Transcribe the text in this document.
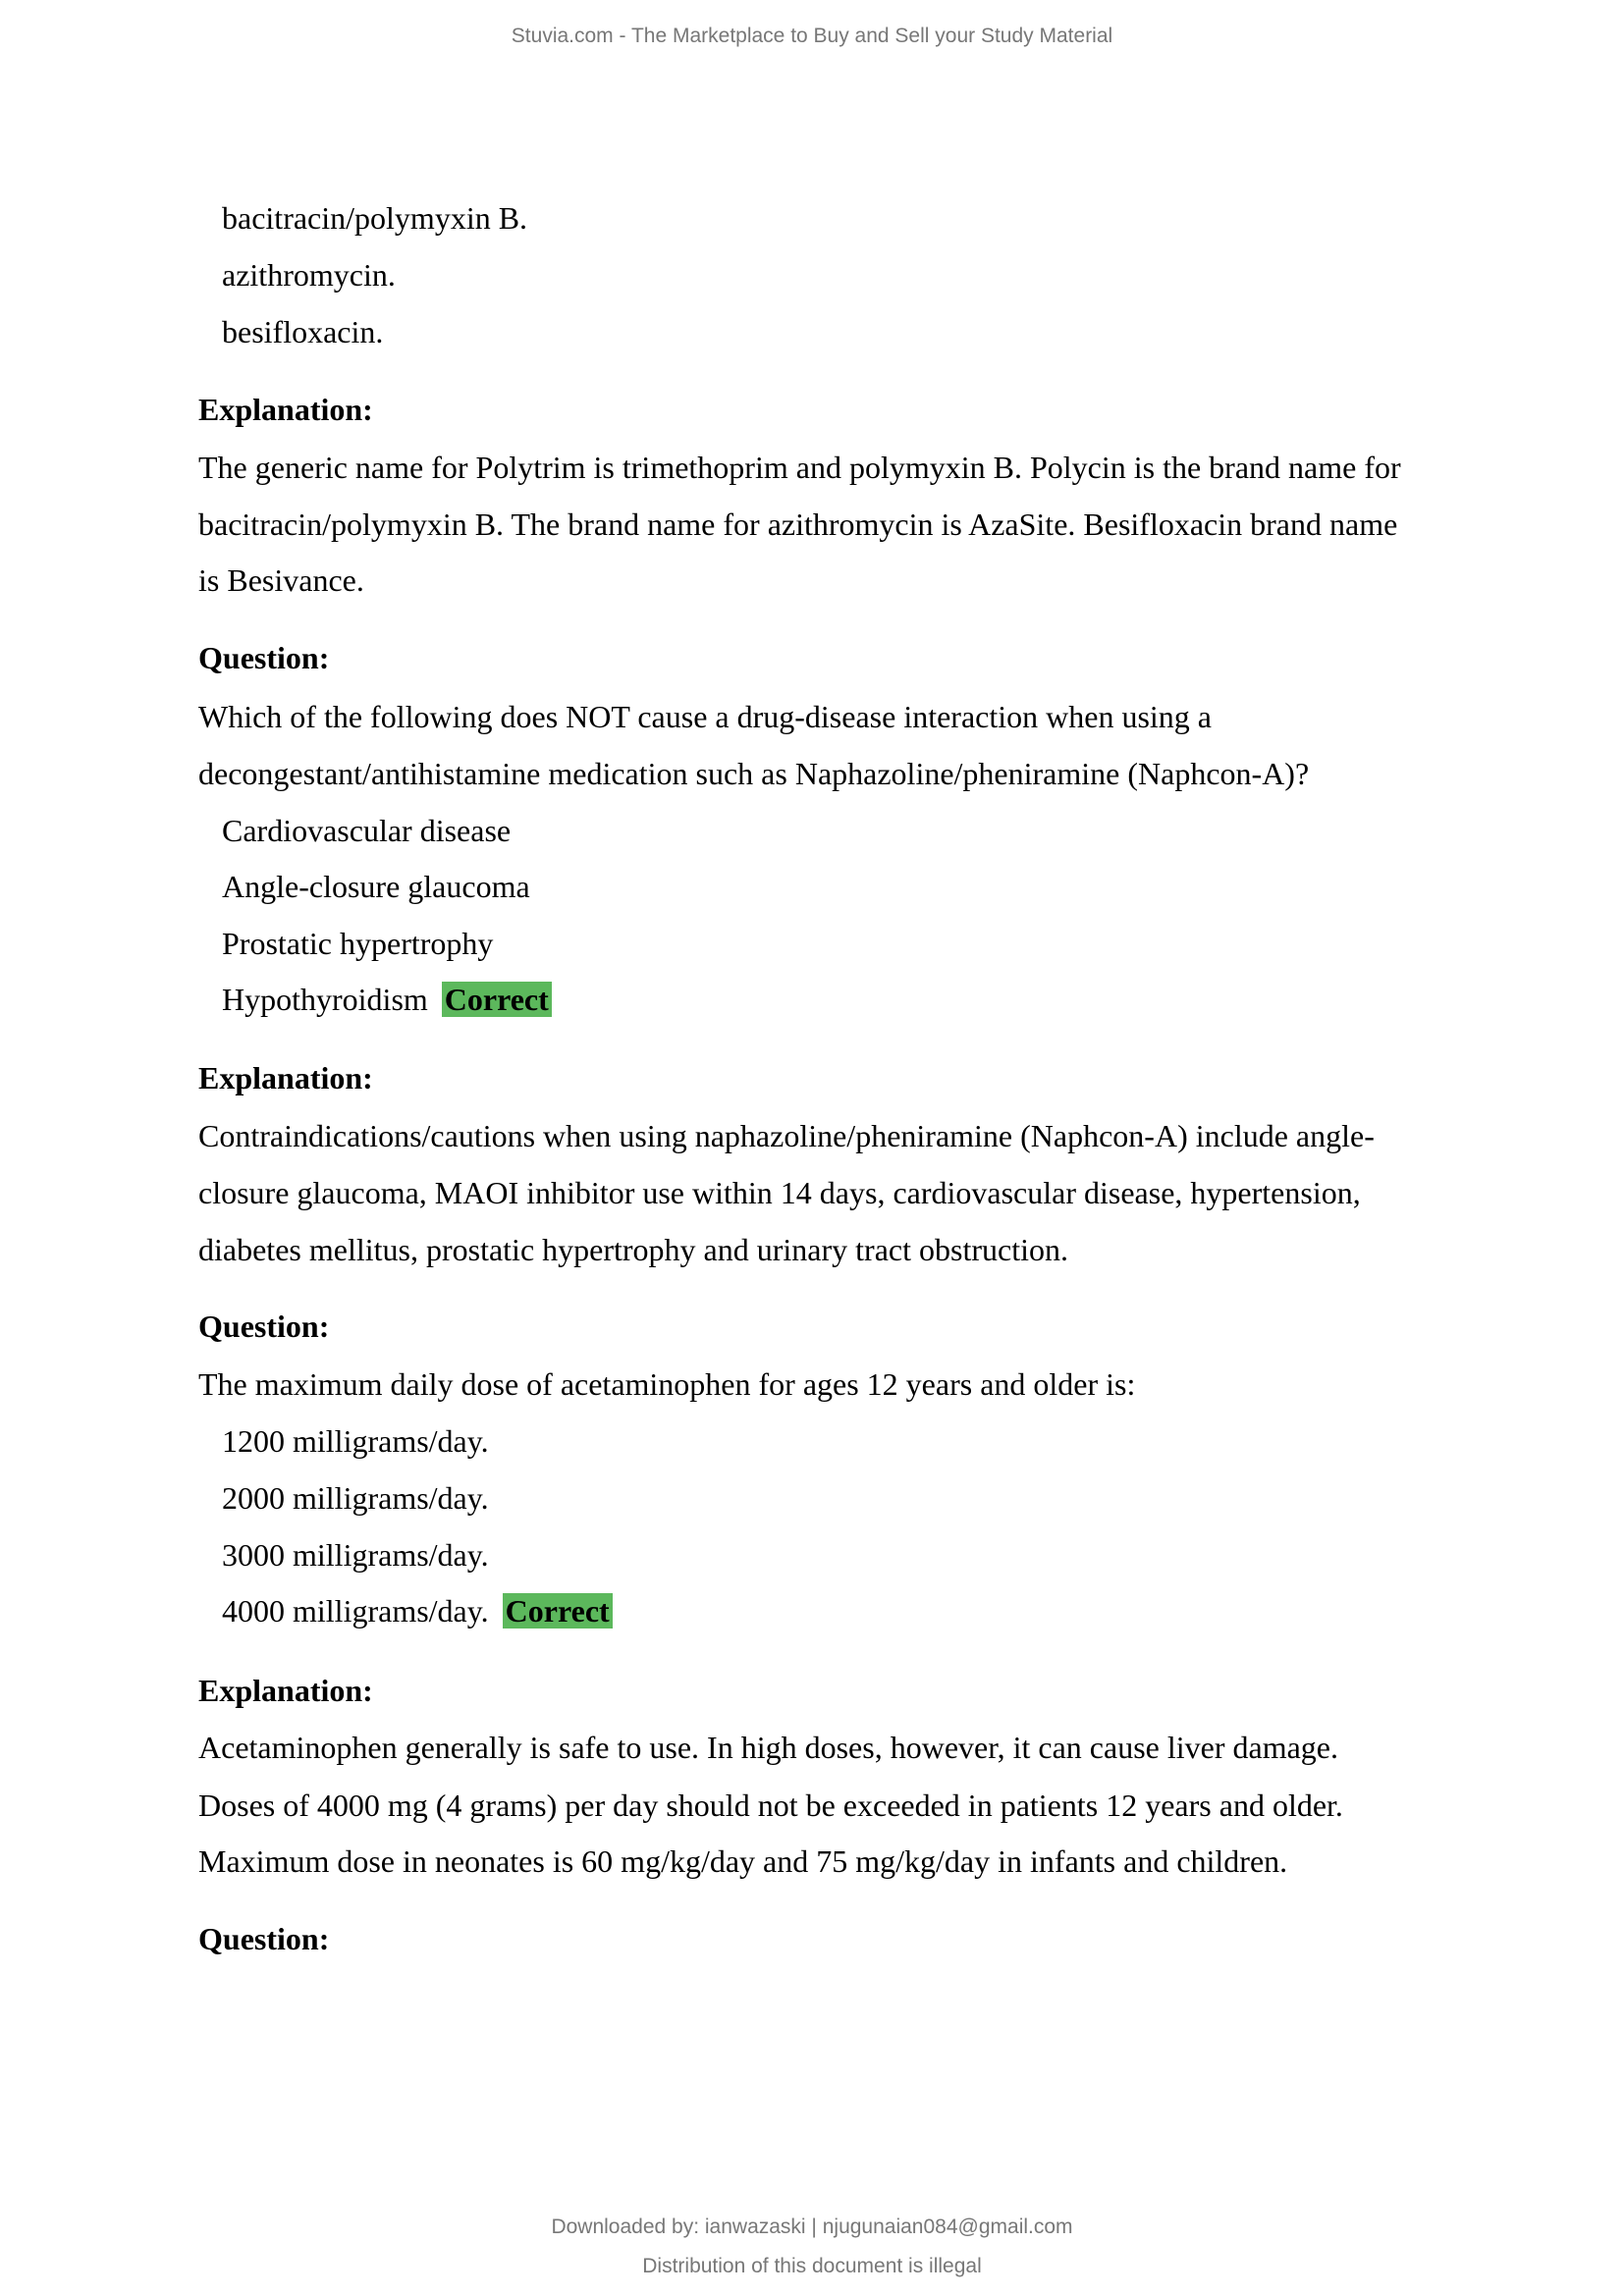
Stuvia.com - The Marketplace to Buy and Sell your Study Material
bacitracin/polymyxin B.
azithromycin.
besifloxacin.
Explanation:
The generic name for Polytrim is trimethoprim and polymyxin B. Polycin is the brand name for
bacitracin/polymyxin B. The brand name for azithromycin is AzaSite. Besifloxacin brand name
is Besivance.
Question:
Which of the following does NOT cause a drug-disease interaction when using a
decongestant/antihistamine medication such as Naphazoline/pheniramine (Naphcon-A)?
Cardiovascular disease
Angle-closure glaucoma
Prostatic hypertrophy
Hypothyroidism Correct
Explanation:
Contraindications/cautions when using naphazoline/pheniramine (Naphcon-A) include angle-
closure glaucoma, MAOI inhibitor use within 14 days, cardiovascular disease, hypertension,
diabetes mellitus, prostatic hypertrophy and urinary tract obstruction.
Question:
The maximum daily dose of acetaminophen for ages 12 years and older is:
1200 milligrams/day.
2000 milligrams/day.
3000 milligrams/day.
4000 milligrams/day. Correct
Explanation:
Acetaminophen generally is safe to use. In high doses, however, it can cause liver damage.
Doses of 4000 mg (4 grams) per day should not be exceeded in patients 12 years and older.
Maximum dose in neonates is 60 mg/kg/day and 75 mg/kg/day in infants and children.
Question:
Downloaded by: ianwazaski | njugunaian084@gmail.com
Distribution of this document is illegal
